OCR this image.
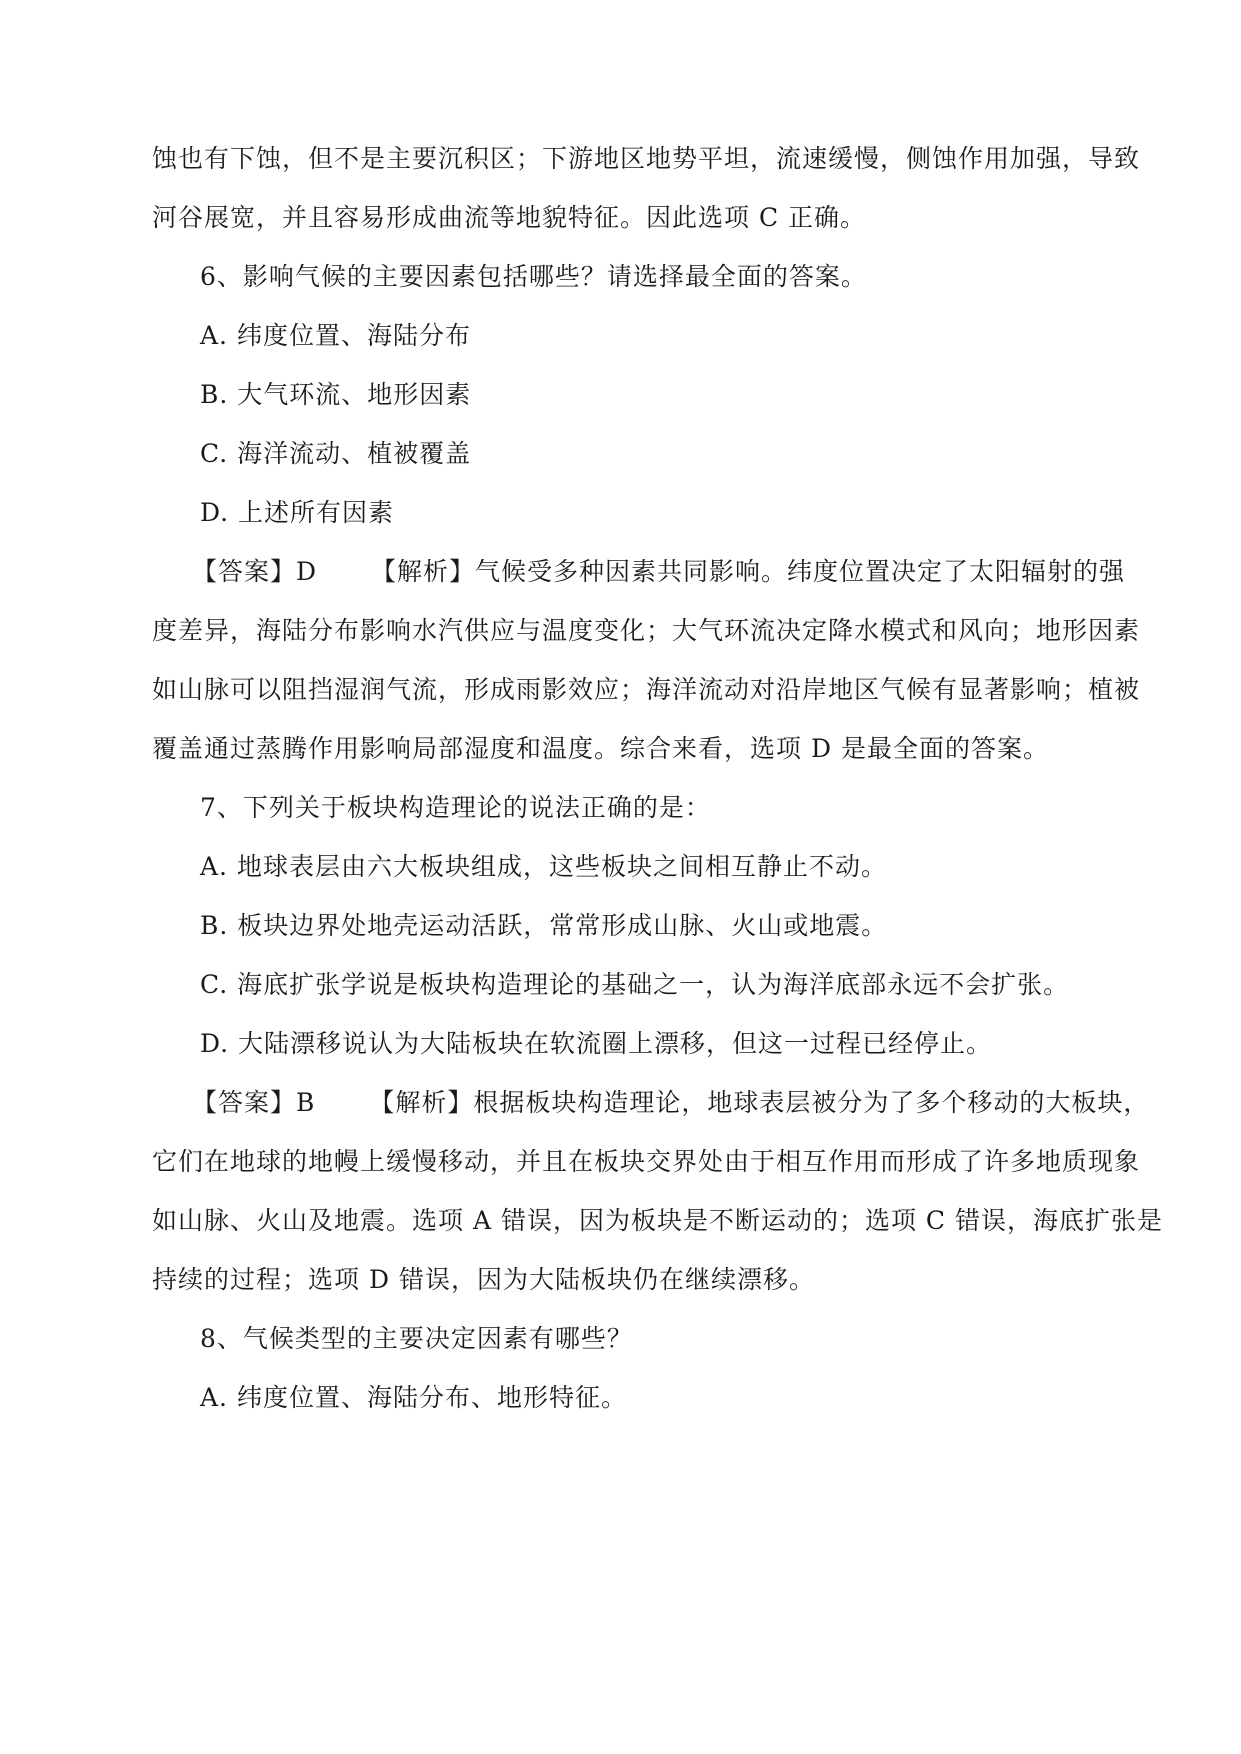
蚀也有下蚀，但不是主要沉积区；下游地区地势平坦，流速缓慢，侧蚀作用加强，导致
河谷展宽，并且容易形成曲流等地貌特征。因此选项 C 正确。
6、影响气候的主要因素包括哪些？请选择最全面的答案。
A. 纬度位置、海陆分布
B. 大气环流、地形因素
C. 海洋流动、植被覆盖
D. 上述所有因素
【答案】D 【解析】气候受多种因素共同影响。纬度位置决定了太阳辐射的强
度差异，海陆分布影响水汽供应与温度变化；大气环流决定降水模式和风向；地形因素
如山脉可以阻挡湿润气流，形成雨影效应；海洋流动对沿岸地区气候有显著影响；植被
覆盖通过蒸腾作用影响局部湿度和温度。综合来看，选项 D 是最全面的答案。
7、下列关于板块构造理论的说法正确的是：
A. 地球表层由六大板块组成，这些板块之间相互静止不动。
B. 板块边界处地壳运动活跃，常常形成山脉、火山或地震。
C. 海底扩张学说是板块构造理论的基础之一，认为海洋底部永远不会扩张。
D. 大陆漂移说认为大陆板块在软流圈上漂移，但这一过程已经停止。
【答案】B 【解析】根据板块构造理论，地球表层被分为了多个移动的大板块，
它们在地球的地幔上缓慢移动，并且在板块交界处由于相互作用而形成了许多地质现象
如山脉、火山及地震。选项 A 错误，因为板块是不断运动的；选项 C 错误，海底扩张是
持续的过程；选项 D 错误，因为大陆板块仍在继续漂移。
8、气候类型的主要决定因素有哪些？
A. 纬度位置、海陆分布、地形特征。
